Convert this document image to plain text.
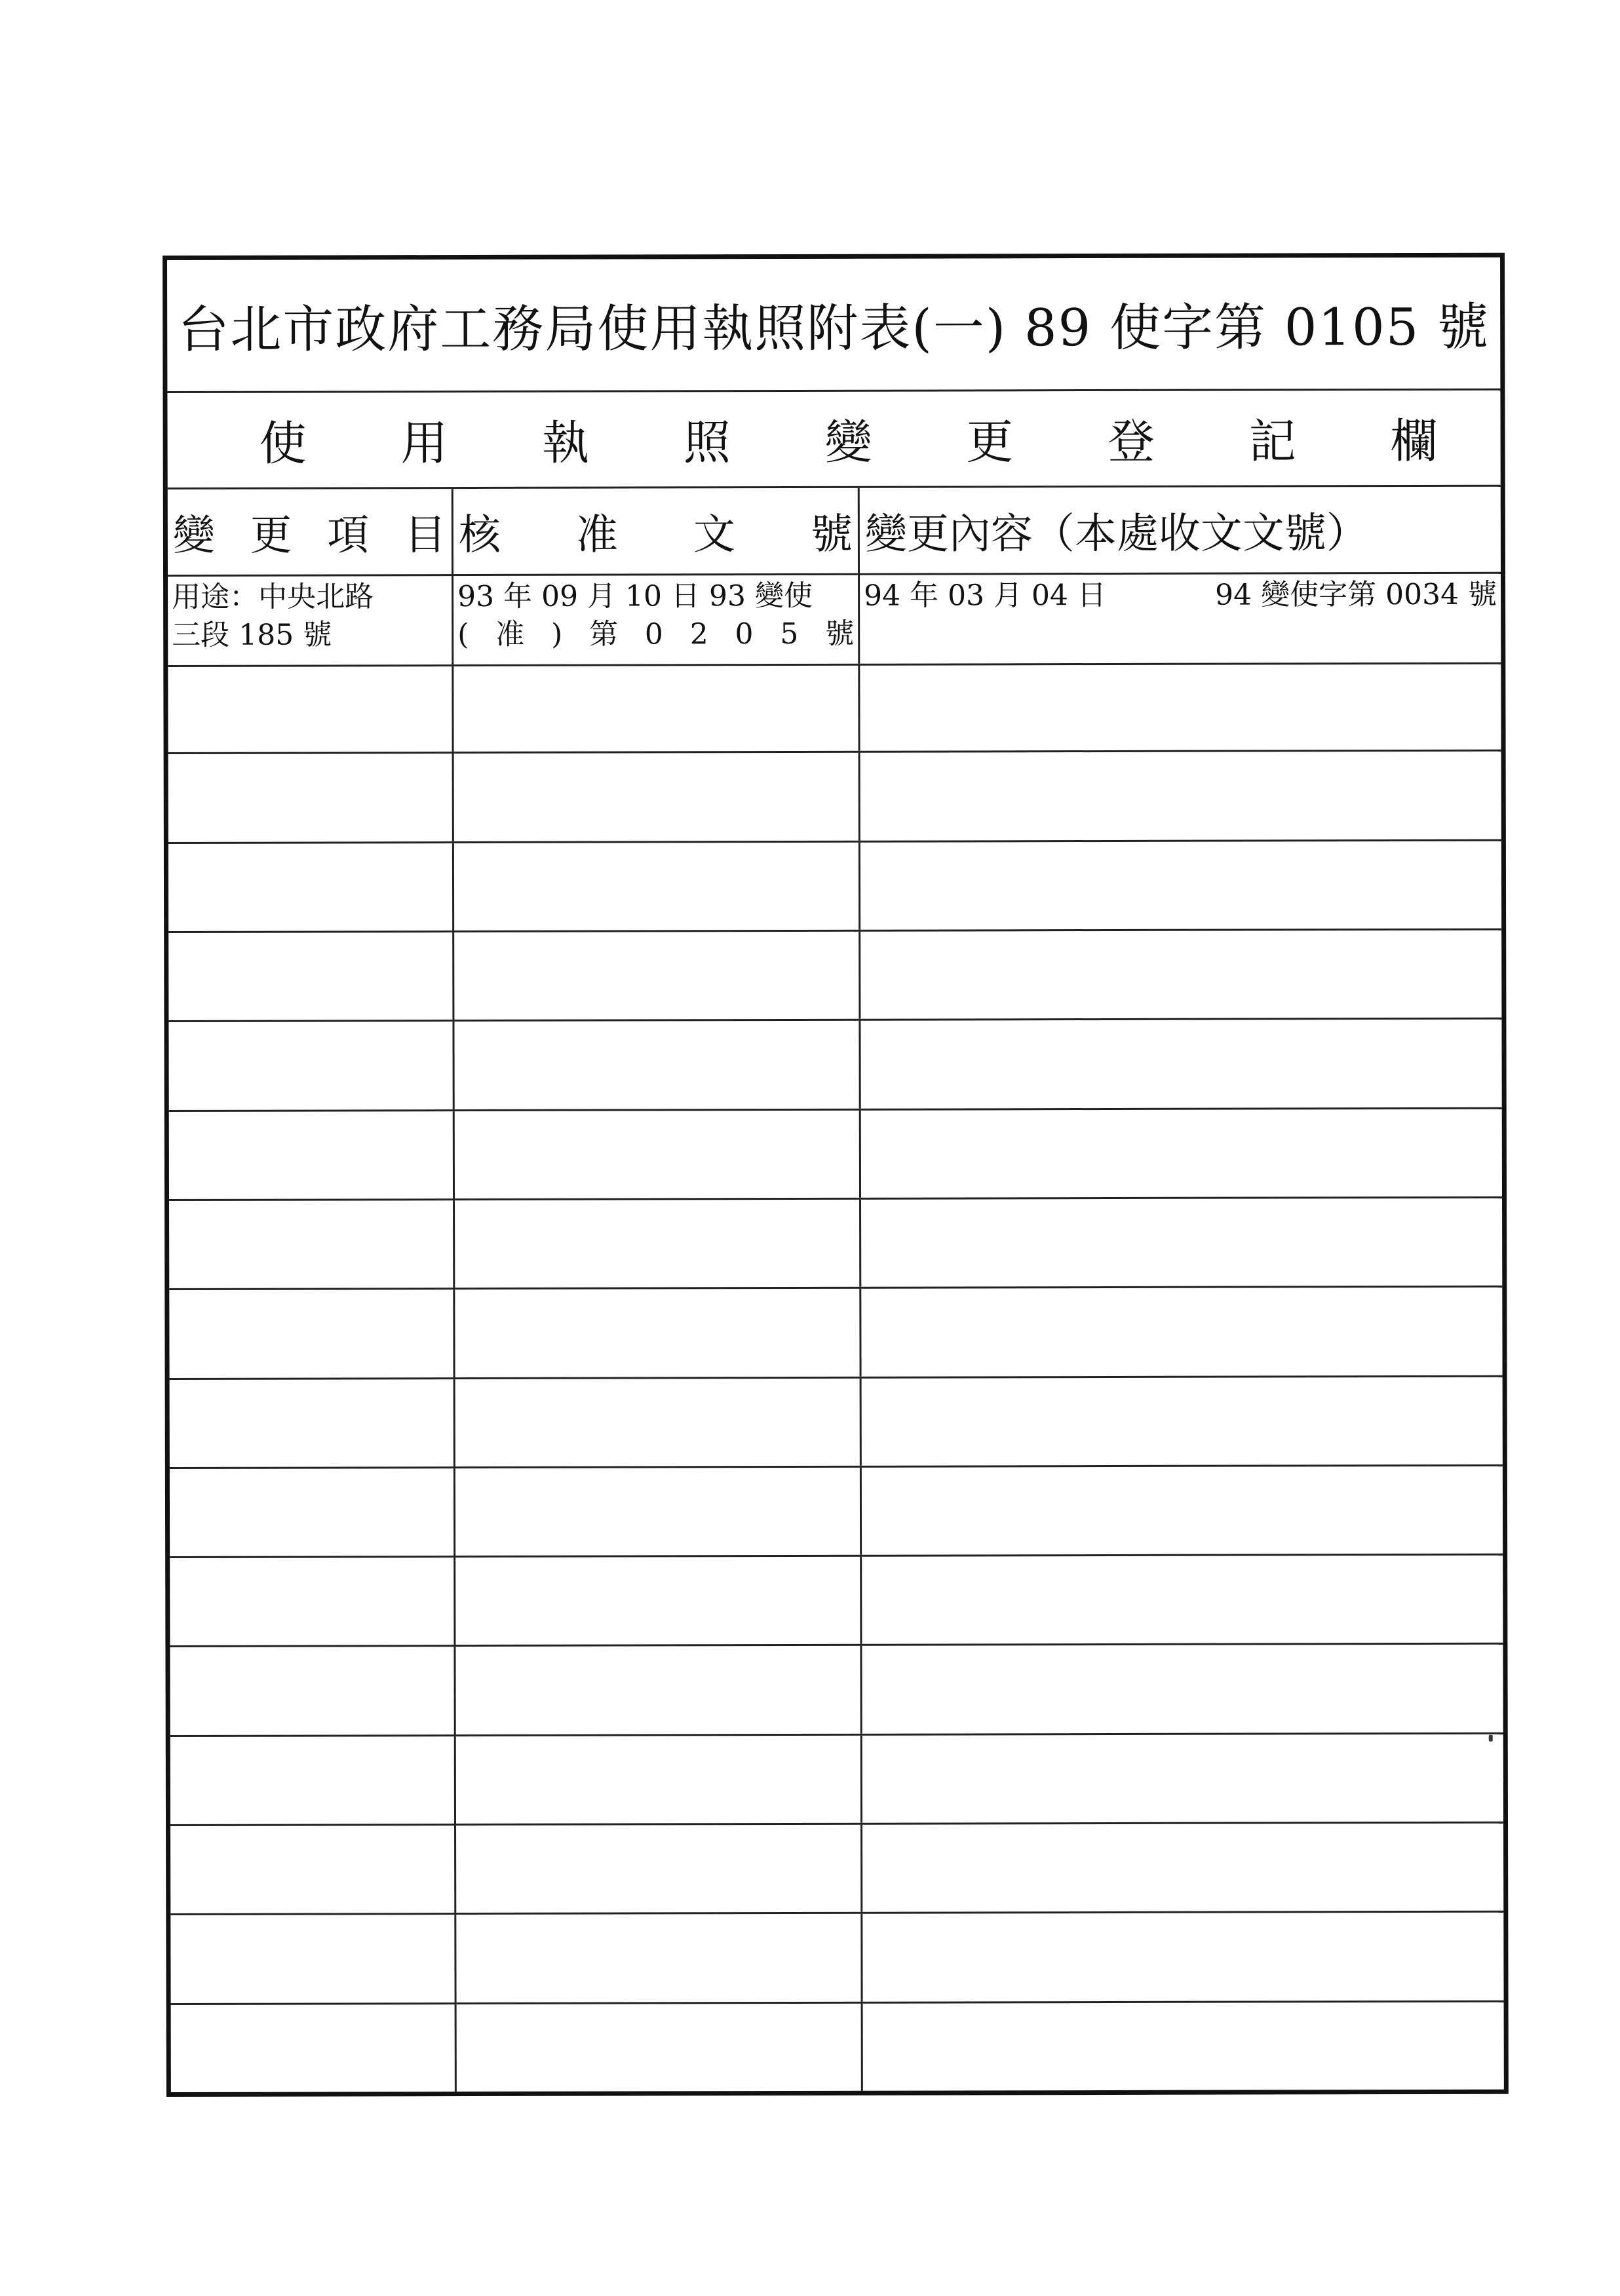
台北市政府工務局使用執照附表(一) 89 使字第 0105 號
使 用 執 照 變 更 登 記 欄
變 更 項 目 核 准 文 號 變更內容（本處收文文號）
用途：中央北路
三段 185 號
93 年 09 月 10 日 93 變使
( 准 ) 第 0 2 0 5 號
94 年 03 月 04 日	94 變使字第 0034 號
